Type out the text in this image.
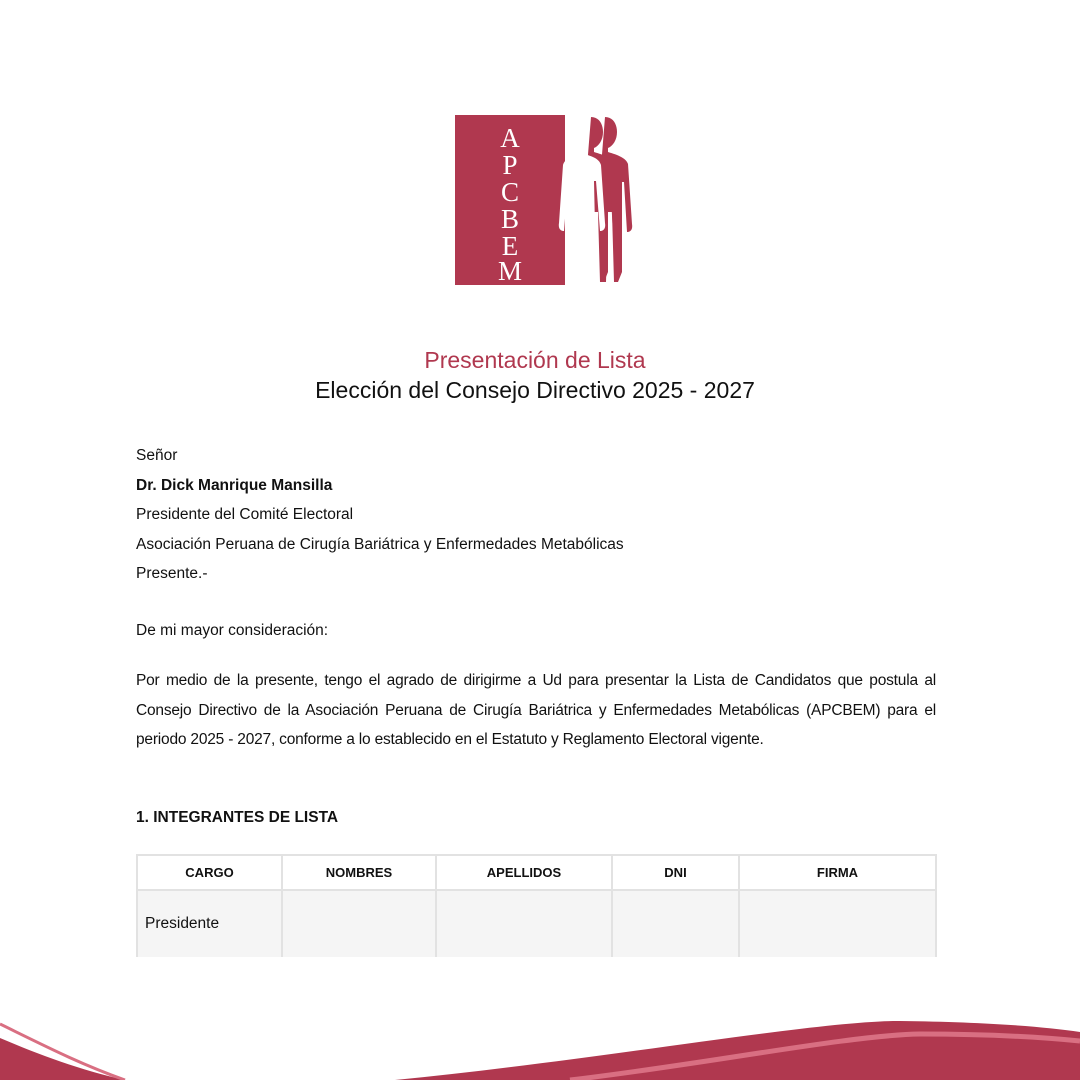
A
P
C
B
E
M
Presentación de Lista
Elección del Consejo Directivo 2025 - 2027
Señor
Dr. Dick Manrique Mansilla
Presidente del Comité Electoral
Asociación Peruana de Cirugía Bariátrica y Enfermedades Metabólicas
Presente.-
De mi mayor consideración:
Por medio de la presente, tengo el agrado de dirigirme a Ud para presentar la Lista de Candidatos que postula al Consejo Directivo de la Asociación Peruana de Cirugía Bariátrica y Enfermedades Metabólicas (APCBEM) para el periodo 2025 - 2027, conforme a lo establecido en el Estatuto y Reglamento Electoral vigente.
1. INTEGRANTES DE LISTA
CARGO	NOMBRES	APELLIDOS	DNI	FIRMA
Presidente				
